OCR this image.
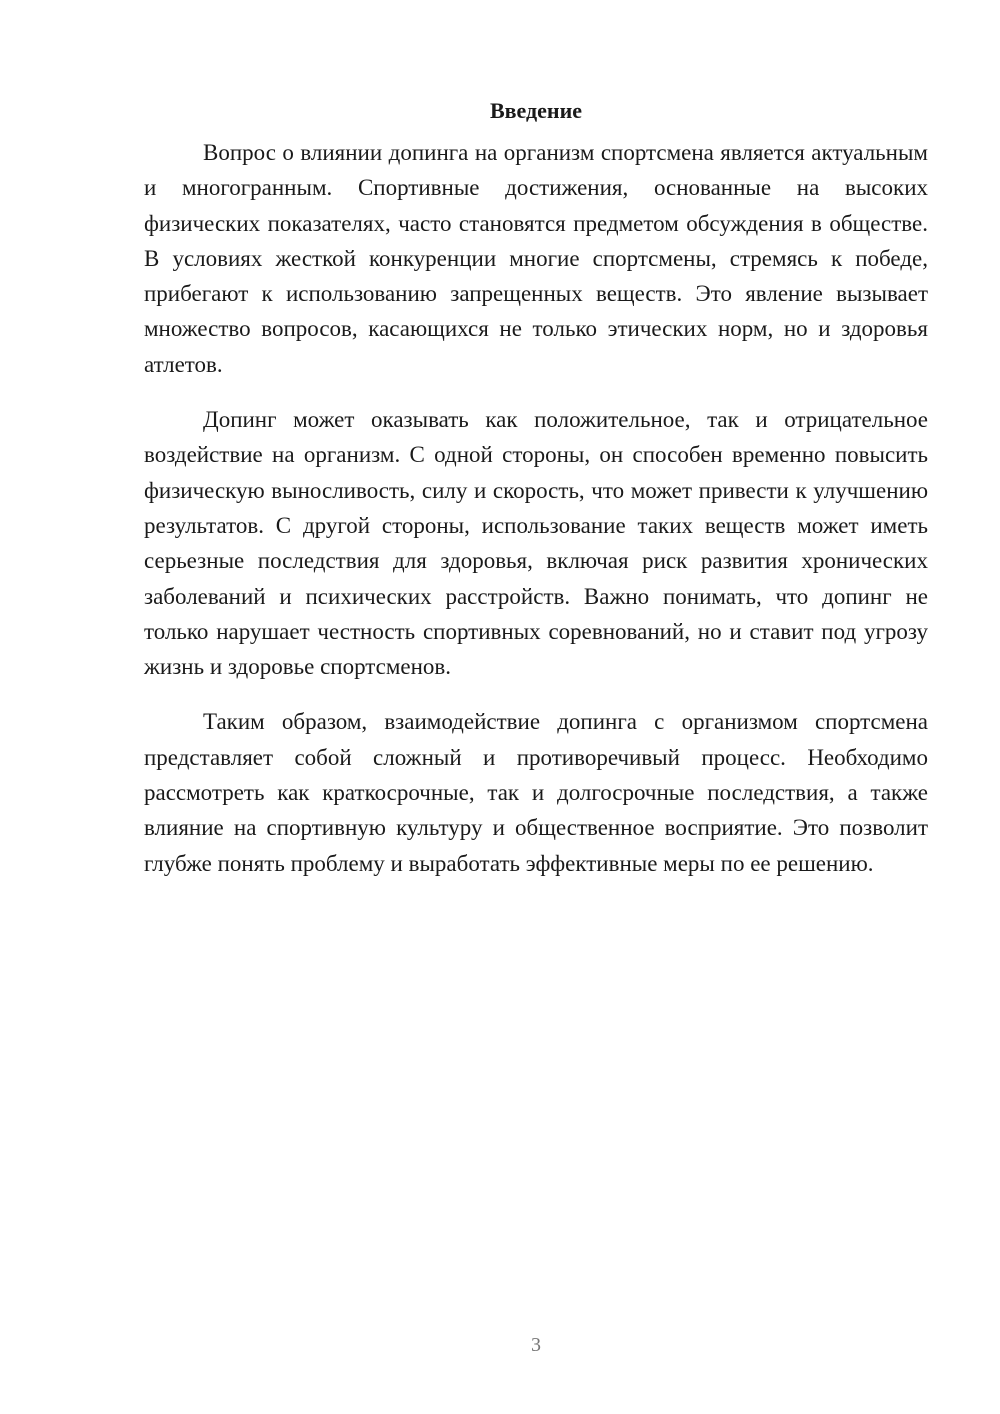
Введение

Вопрос о влиянии допинга на организм спортсмена является актуальным и многогранным. Спортивные достижения, основанные на высоких физических показателях, часто становятся предметом обсуждения в обществе. В условиях жесткой конкуренции многие спортсмены, стремясь к победе, прибегают к использованию запрещенных веществ. Это явление вызывает множество вопросов, касающихся не только этических норм, но и здоровья атлетов.

Допинг может оказывать как положительное, так и отрицательное воздействие на организм. С одной стороны, он способен временно повысить физическую выносливость, силу и скорость, что может привести к улучшению результатов. С другой стороны, использование таких веществ может иметь серьезные последствия для здоровья, включая риск развития хронических заболеваний и психических расстройств. Важно понимать, что допинг не только нарушает честность спортивных соревнований, но и ставит под угрозу жизнь и здоровье спортсменов.

Таким образом, взаимодействие допинга с организмом спортсмена представляет собой сложный и противоречивый процесс. Необходимо рассмотреть как краткосрочные, так и долгосрочные последствия, а также влияние на спортивную культуру и общественное восприятие. Это позволит глубже понять проблему и выработать эффективные меры по ее решению.

3
